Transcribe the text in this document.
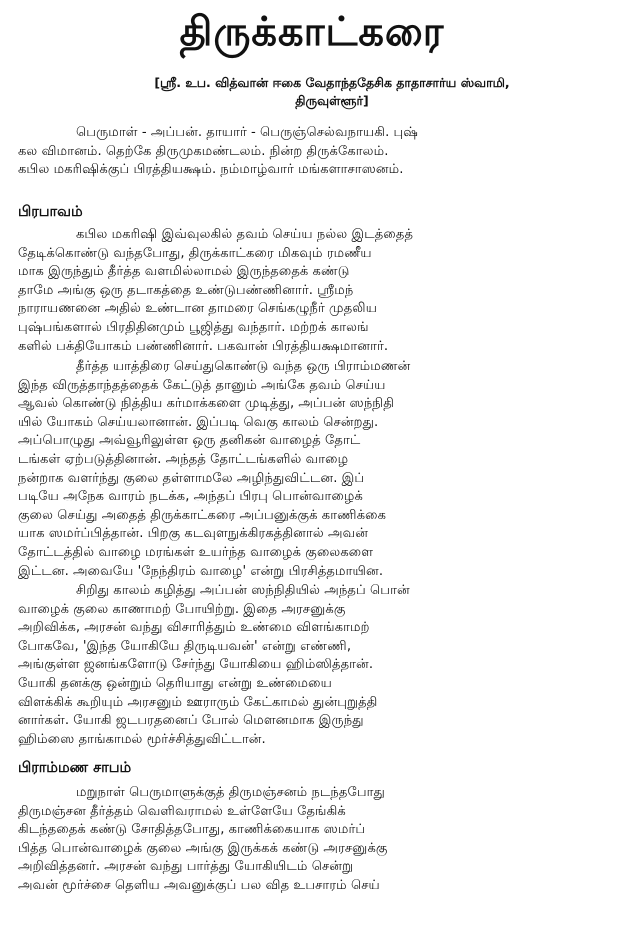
திருக்காட்கரை
[ஸ்ரீ. உப. வித்வான் ஈகை வேதாந்ததேசிக தாதாசார்ய ஸ்வாமி,
திருவுள்ளூர்]

பெருமாள் - அப்பன். தாயார் - பெருஞ்செல்வநாயகி. புஷ்
கல விமானம். தெற்கே திருமுகமண்டலம். நின்ற திருக்கோலம்.
கபில மகரிஷிக்குப் பிரத்தியக்ஷம். நம்மாழ்வார் மங்களாசாஸனம்.

பிரபாவம்

கபில மகரிஷி இவ்வுலகில் தவம் செய்ய நல்ல இடத்தைத்
தேடிக்கொண்டு வந்தபோது, திருக்காட்கரை மிகவும் ரமணீய
மாக இருந்தும் தீர்த்த வளமில்லாமல் இருந்ததைக் கண்டு
தாமே அங்கு ஒரு தடாகத்தை உண்டுபண்ணினார். ஸ்ரீமந்
நாராயணனை அதில் உண்டான தாமரை செங்கழுநீர் முதலிய
புஷ்பங்களால் பிரதிதினமும் பூஜித்து வந்தார். மற்றக் காலங்
களில் பக்தியோகம் பண்ணினார். பகவான் பிரத்தியக்ஷமானார்.

தீர்த்த யாத்திரை செய்துகொண்டு வந்த ஒரு பிராம்மணன்
இந்த விருத்தாந்தத்தைக் கேட்டுத் தானும் அங்கே தவம் செய்ய
ஆவல் கொண்டு நித்திய கர்மாக்களை முடித்து, அப்பன் ஸந்நிதி
யில் யோகம் செய்யலானான். இப்படி வெகு காலம் சென்றது.
அப்பொழுது அவ்வூரிலுள்ள ஒரு தனிகன் வாழைத் தோட்
டங்கள் ஏற்படுத்தினான். அந்தத் தோட்டங்களில் வாழை
நன்றாக வளர்ந்து குலை தள்ளாமலே அழிந்துவிட்டன. இப்
படியே அநேக வாரம் நடக்க, அந்தப் பிரபு பொன்வாழைக்
குலை செய்து அதைத் திருக்காட்கரை அப்பனுக்குக் காணிக்கை
யாக ஸமர்ப்பித்தான். பிறகு கடவுளநுக்கிரகத்தினால் அவன்
தோட்டத்தில் வாழை மரங்கள் உயர்ந்த வாழைக் குலைகளை
இட்டன. அவையே 'நேந்திரம் வாழை' என்று பிரசித்தமாயின.

சிறிது காலம் கழித்து அப்பன் ஸந்நிதியில் அந்தப் பொன்
வாழைக் குலை காணாமற் போயிற்று. இதை அரசனுக்கு
அறிவிக்க, அரசன் வந்து விசாரித்தும் உண்மை விளங்காமற்
போகவே, 'இந்த யோகியே திருடியவன்' என்று எண்ணி,
அங்குள்ள ஜனங்களோடு சேர்ந்து யோகியை ஹிம்ஸித்தான்.
யோகி தனக்கு ஒன்றும் தெரியாது என்று உண்மையை
விளக்கிக் கூறியும் அரசனும் ஊராரும் கேட்காமல் துன்புறுத்தி
னார்கள். யோகி ஜடபரதனைப் போல் மௌனமாக இருந்து
ஹிம்ஸை தாங்காமல் மூர்ச்சித்துவிட்டான்.

பிராம்மண சாபம்

மறுநாள் பெருமாளுக்குத் திருமஞ்சனம் நடந்தபோது
திருமஞ்சன தீர்த்தம் வெளிவராமல் உள்ளேயே தேங்கிக்
கிடந்ததைக் கண்டு சோதித்தபோது, காணிக்கையாக ஸமர்ப்
பித்த பொன்வாழைக் குலை அங்கு இருக்கக் கண்டு அரசனுக்கு
அறிவித்தனர். அரசன் வந்து பார்த்து யோகியிடம் சென்று
அவன் மூர்ச்சை தெளிய அவனுக்குப் பல வித உபசாரம் செய்
